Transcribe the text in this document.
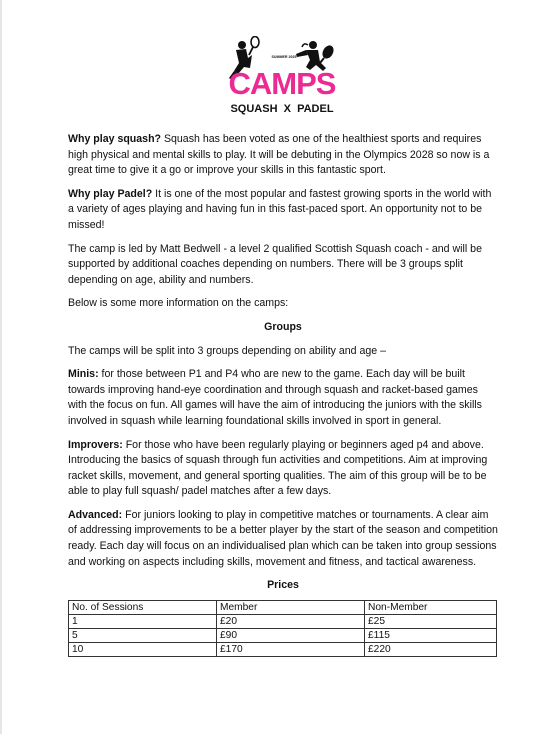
CAMPS
SUMMER 2025
SQUASH  X  PADEL

Why play squash? Squash has been voted as one of the healthiest sports and requires high physical and mental skills to play. It will be debuting in the Olympics 2028 so now is a great time to give it a go or improve your skills in this fantastic sport.

Why play Padel? It is one of the most popular and fastest growing sports in the world with a variety of ages playing and having fun in this fast-paced sport. An opportunity not to be missed!

The camp is led by Matt Bedwell - a level 2 qualified Scottish Squash coach - and will be supported by additional coaches depending on numbers. There will be 3 groups split depending on age, ability and numbers.

Below is some more information on the camps:

Groups

The camps will be split into 3 groups depending on ability and age –

Minis: for those between P1 and P4 who are new to the game. Each day will be built towards improving hand-eye coordination and through squash and racket-based games with the focus on fun. All games will have the aim of introducing the juniors with the skills involved in squash while learning foundational skills involved in sport in general.

Improvers: For those who have been regularly playing or beginners aged p4 and above. Introducing the basics of squash through fun activities and competitions. Aim at improving racket skills, movement, and general sporting qualities. The aim of this group will be to be able to play full squash/ padel matches after a few days.

Advanced: For juniors looking to play in competitive matches or tournaments. A clear aim of addressing improvements to be a better player by the start of the season and competition ready. Each day will focus on an individualised plan which can be taken into group sessions and working on aspects including skills, movement and fitness, and tactical awareness.

Prices
No. of Sessions	Member	Non-Member
1	£20	£25
5	£90	£115
10	£170	£220
